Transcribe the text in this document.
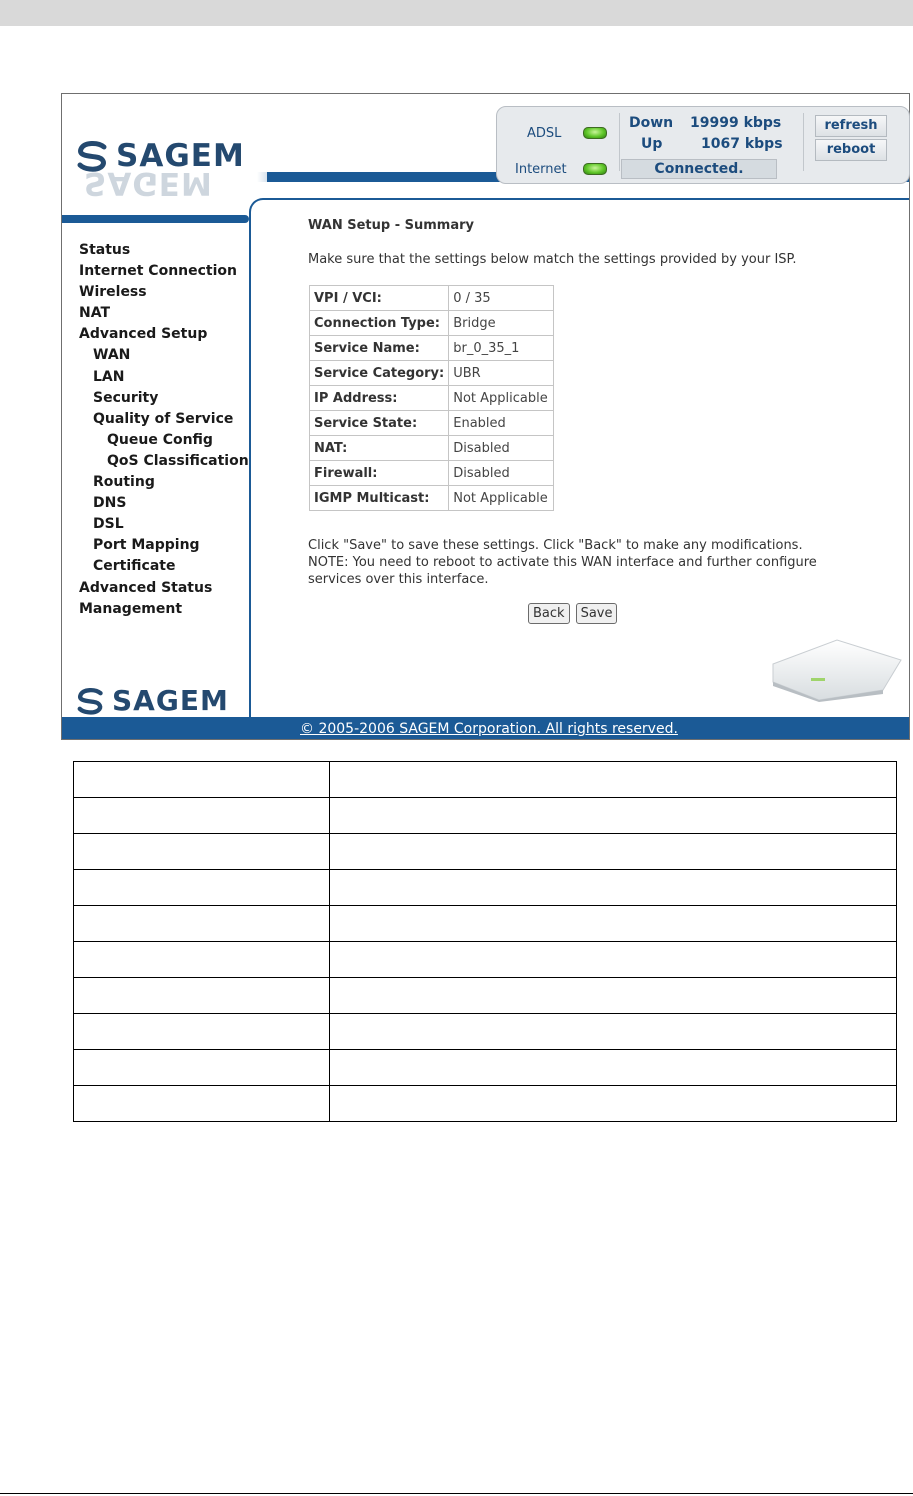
SAGEM
SAGEM
ADSL
Down 19999 kbps
Up	1067 kbps
refresh
reboot
Internet	Connected.
Status
Internet Connection
Wireless
NAT
Advanced Setup
WAN
LAN
Security
Quality of Service
Queue Config
QoS Classification
Routing
DNS
DSL
Port Mapping
Certificate
Advanced Status
Management
SAGEM
WAN Setup - Summary
Make sure that the settings below match the settings provided by your ISP.
VPI / VCI:	0 / 35
Connection Type:	Bridge
Service Name:	br_0_35_1
Service Category:	UBR
IP Address:	Not Applicable
Service State:	Enabled
NAT:	Disabled
Firewall:	Disabled
IGMP Multicast:	Not Applicable
Click "Save" to save these settings. Click "Back" to make any modifications.
NOTE: You need to reboot to activate this WAN interface and further configure services over this interface.
Back	Save
© 2005-2006 SAGEM Corporation. All rights reserved.
